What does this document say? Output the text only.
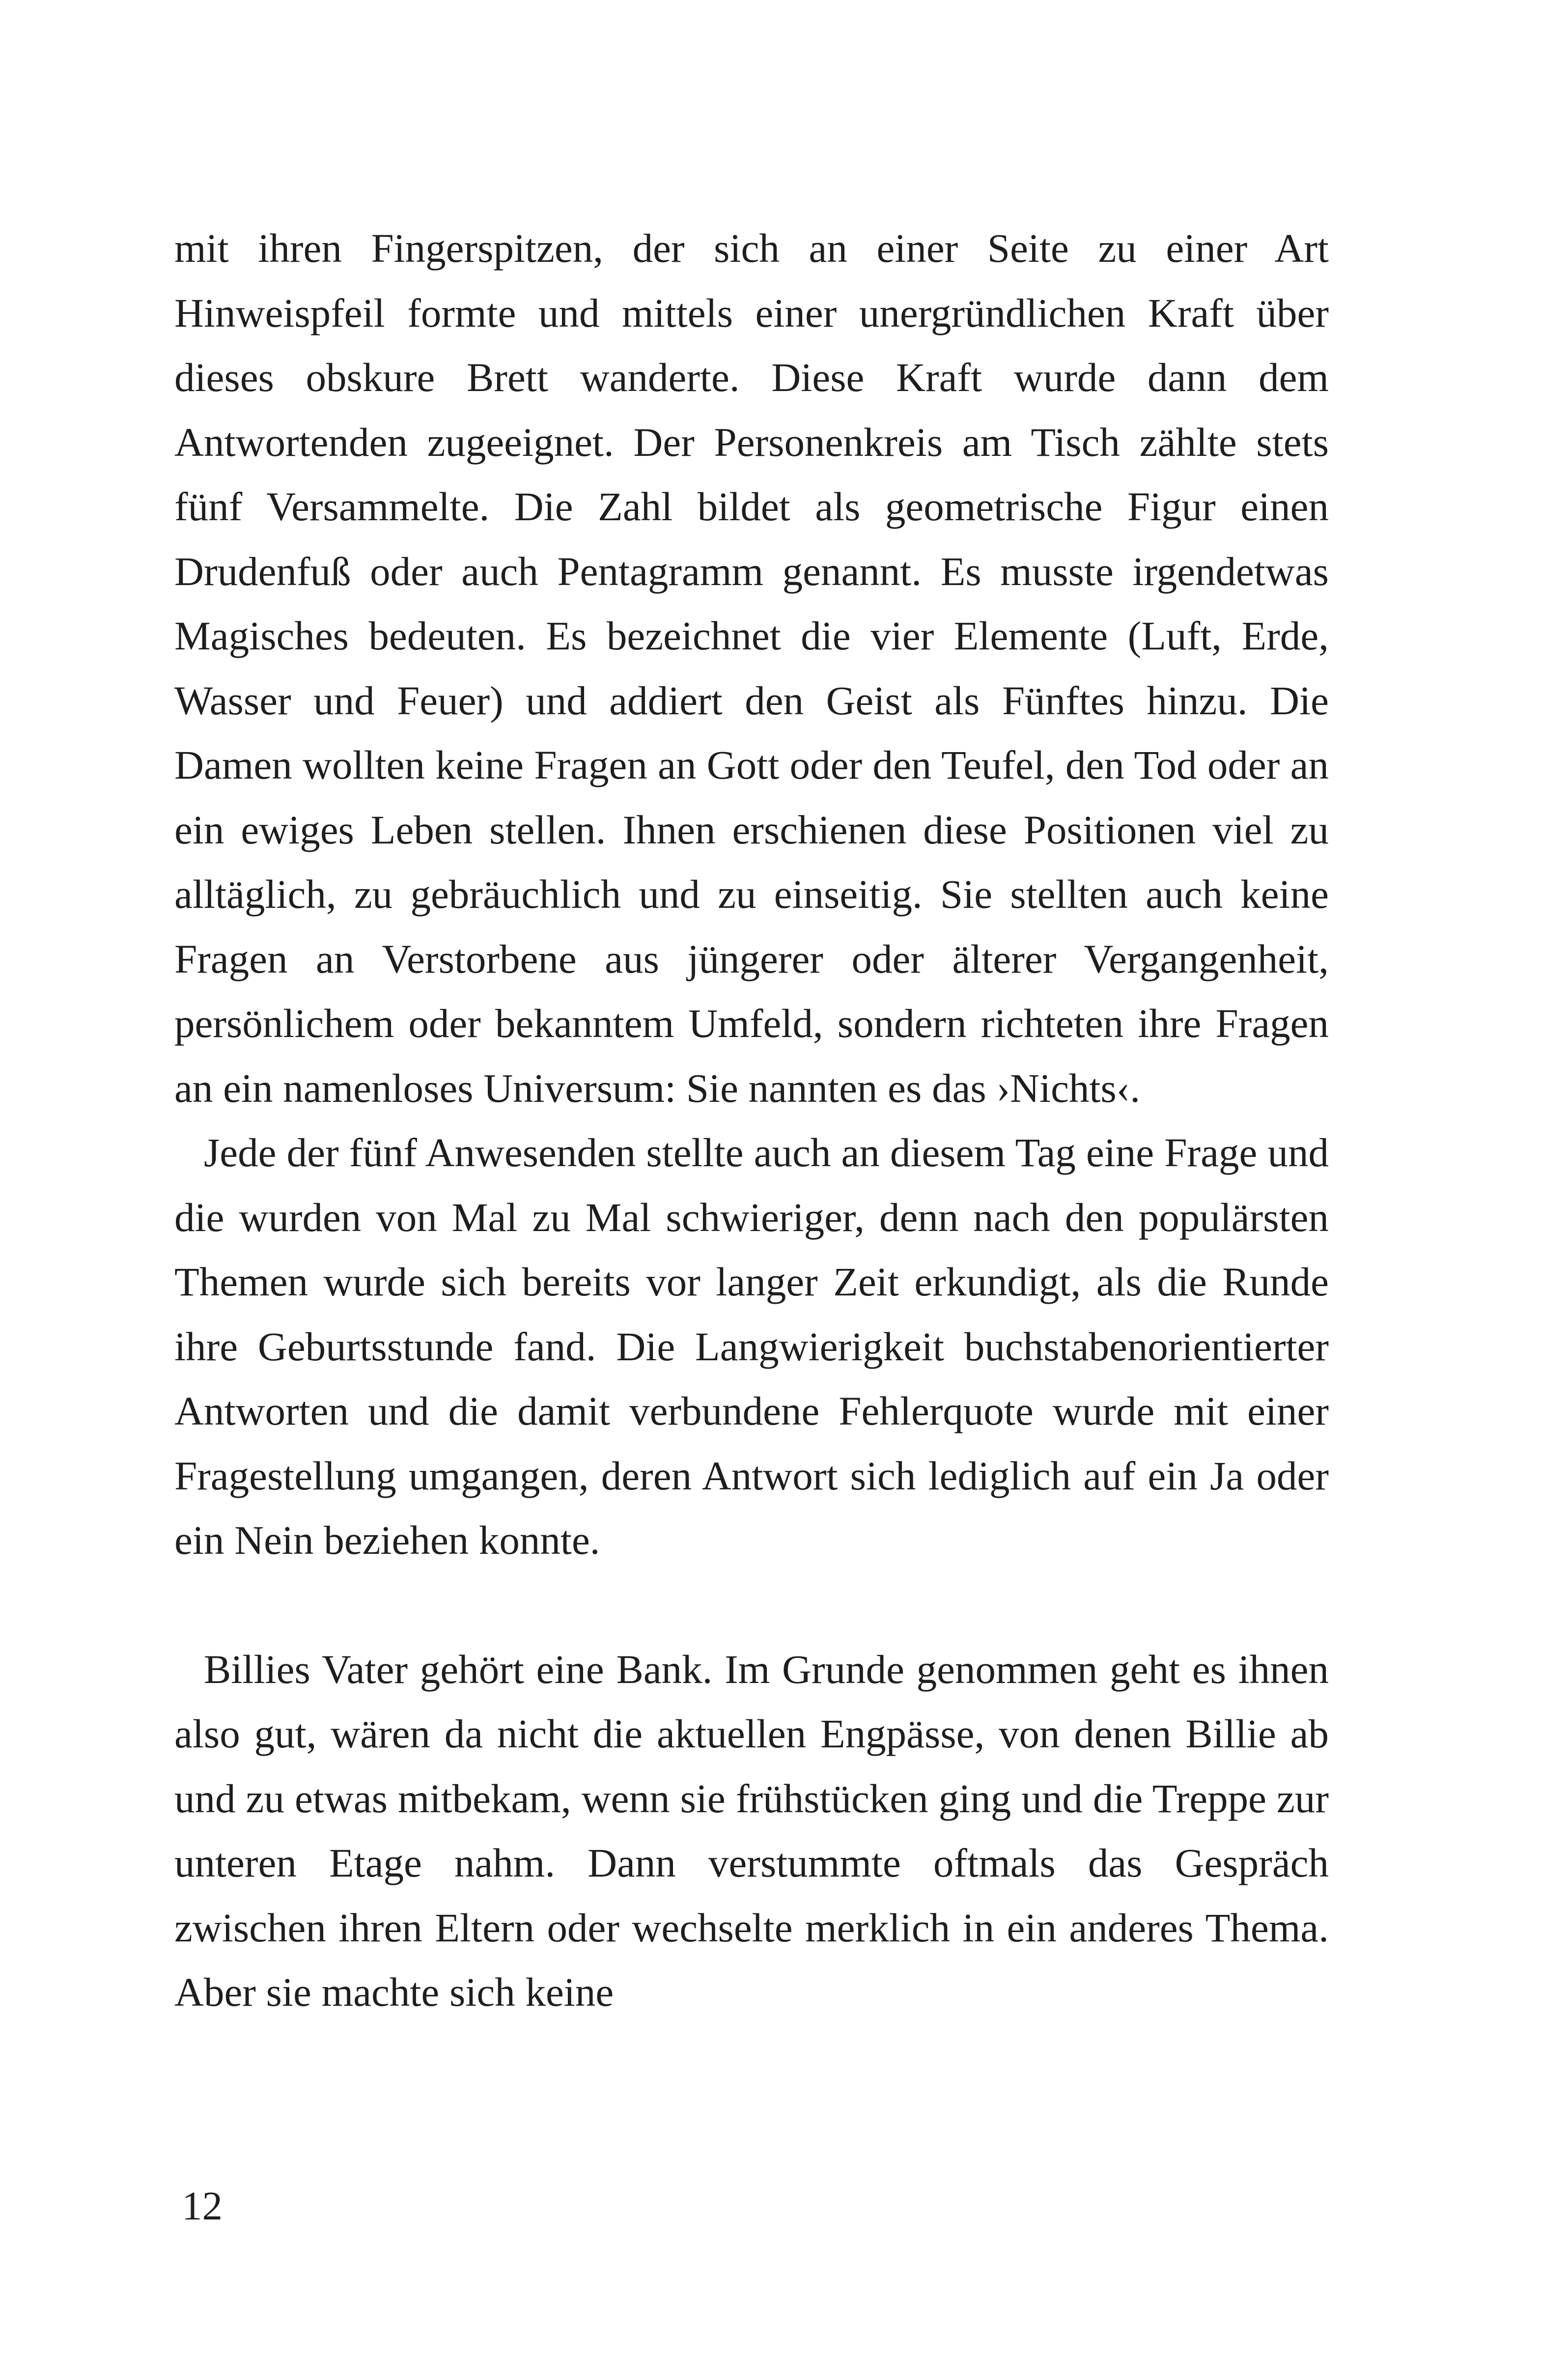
mit ihren Fingerspitzen, der sich an einer Seite zu einer Art Hinweispfeil formte und mittels einer unergründlichen Kraft über dieses obskure Brett wanderte. Diese Kraft wurde dann dem Antwortenden zugeeignet. Der Personenkreis am Tisch zählte stets fünf Versammelte. Die Zahl bildet als geometrische Figur einen Drudenfuß oder auch Pentagramm genannt. Es musste irgendetwas Magisches bedeuten. Es bezeichnet die vier Elemente (Luft, Erde, Wasser und Feuer) und addiert den Geist als Fünftes hinzu. Die Damen wollten keine Fragen an Gott oder den Teufel, den Tod oder an ein ewiges Leben stellen. Ihnen erschienen diese Positionen viel zu alltäglich, zu gebräuchlich und zu einseitig. Sie stellten auch keine Fragen an Verstorbene aus jüngerer oder älterer Vergangenheit, persönlichem oder bekanntem Umfeld, sondern richteten ihre Fragen an ein namenloses Universum: Sie nannten es das ›Nichts‹.

Jede der fünf Anwesenden stellte auch an diesem Tag eine Frage und die wurden von Mal zu Mal schwieriger, denn nach den populärsten Themen wurde sich bereits vor langer Zeit erkundigt, als die Runde ihre Geburtsstunde fand. Die Langwierigkeit buchstabenorientierter Antworten und die damit verbundene Fehlerquote wurde mit einer Fragestellung umgangen, deren Antwort sich lediglich auf ein Ja oder ein Nein beziehen konnte.

Billies Vater gehört eine Bank. Im Grunde genommen geht es ihnen also gut, wären da nicht die aktuellen Engpässe, von denen Billie ab und zu etwas mitbekam, wenn sie frühstücken ging und die Treppe zur unteren Etage nahm. Dann verstummte oftmals das Gespräch zwischen ihren Eltern oder wechselte merklich in ein anderes Thema. Aber sie machte sich keine

12
